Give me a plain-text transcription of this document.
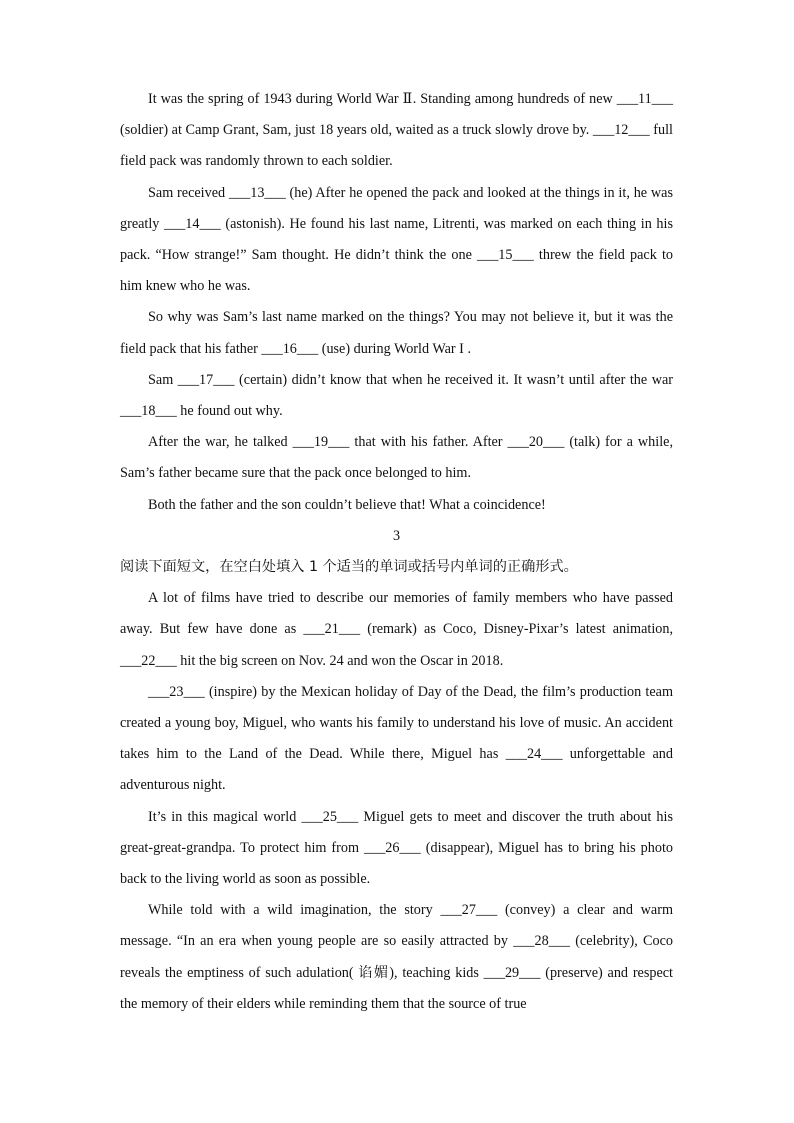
It was the spring of 1943 during World War Ⅱ. Standing among hundreds of new ___11___ (soldier) at Camp Grant, Sam, just 18 years old, waited as a truck slowly drove by. ___12___ full field pack was randomly thrown to each soldier.

Sam received ___13___ (he) After he opened the pack and looked at the things in it, he was greatly ___14___ (astonish). He found his last name, Litrenti, was marked on each thing in his pack. “How strange!” Sam thought. He didn’t think the one ___15___ threw the field pack to him knew who he was.

So why was Sam’s last name marked on the things? You may not believe it, but it was the field pack that his father ___16___ (use) during World War I .

Sam ___17___ (certain) didn’t know that when he received it. It wasn’t until after the war ___18___ he found out why.

After the war, he talked ___19___ that with his father. After ___20___ (talk) for a while, Sam’s father became sure that the pack once belonged to him.

Both the father and the son couldn’t believe that! What a coincidence!

3

阅读下面短文，在空白处填入 1 个适当的单词或括号内单词的正确形式。

A lot of films have tried to describe our memories of family members who have passed away. But few have done as ___21___ (remark) as Coco, Disney-Pixar’s latest animation, ___22___ hit the big screen on Nov. 24 and won the Oscar in 2018.

___23___ (inspire) by the Mexican holiday of Day of the Dead, the film’s production team created a young boy, Miguel, who wants his family to understand his love of music. An accident takes him to the Land of the Dead. While there, Miguel has ___24___ unforgettable and adventurous night.

It’s in this magical world ___25___ Miguel gets to meet and discover the truth about his great-great-grandpa. To protect him from ___26___ (disappear), Miguel has to bring his photo back to the living world as soon as possible.

While told with a wild imagination, the story ___27___ (convey) a clear and warm message. “In an era when young people are so easily attracted by ___28___ (celebrity), Coco reveals the emptiness of such adulation( 谄媚), teaching kids ___29___ (preserve) and respect the memory of their elders while reminding them that the source of true
